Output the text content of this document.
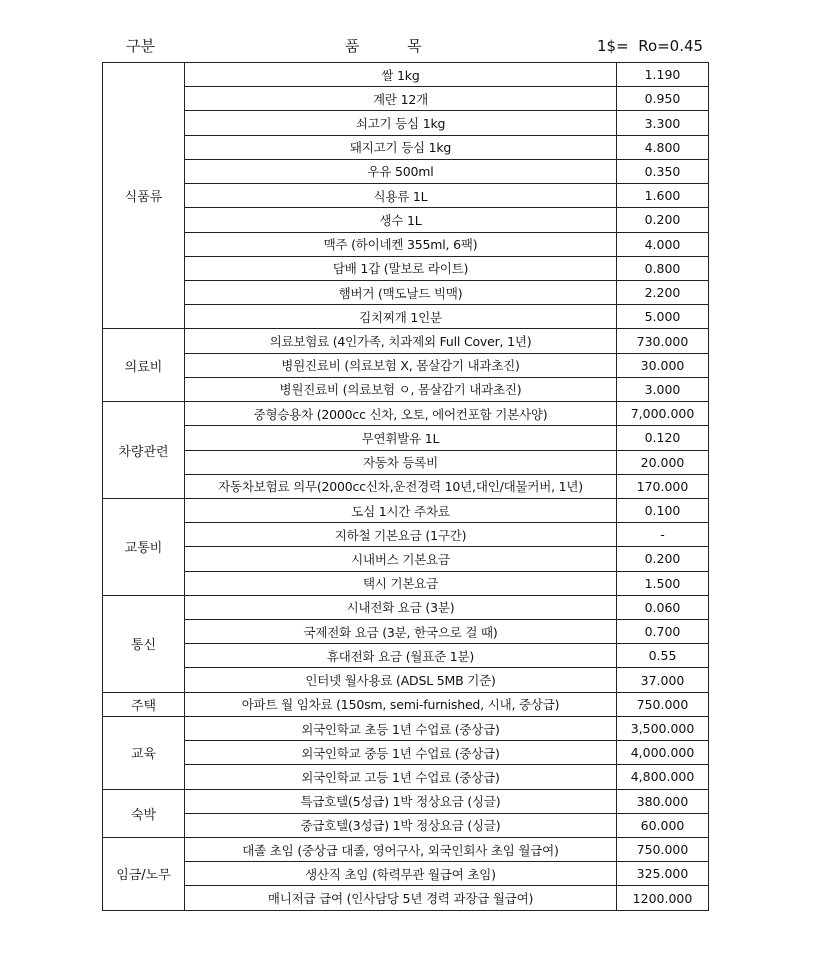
구분	품          목	1$=  Ro=0.45
식품류	쌀 1kg	1.190
	계란 12개	0.950
	쇠고기 등심 1kg	3.300
	돼지고기 등심 1kg	4.800
	우유 500ml	0.350
	식용류 1L	1.600
	생수 1L	0.200
	맥주 (하이네켄 355ml, 6팩)	4.000
	담배 1갑 (말보로 라이트)	0.800
	햄버거 (맥도날드 빅맥)	2.200
	김치찌개 1인분	5.000
의료비	의료보험료 (4인가족, 치과제외 Full Cover, 1년)	730.000
	병원진료비 (의료보험 X, 몸살감기 내과초진)	30.000
	병원진료비 (의료보험 ㅇ, 몸살감기 내과초진)	3.000
차량관련	중형승용차 (2000cc 신차, 오토, 에어컨포함 기본사양)	7,000.000
	무연휘발유 1L	0.120
	자동차 등록비	20.000
	자동차보험료 의무(2000cc신차,운전경력 10년,대인/대물커버, 1년)	170.000
교통비	도심 1시간 주차료	0.100
	지하철 기본요금 (1구간)	-
	시내버스 기본요금	0.200
	택시 기본요금	1.500
통신	시내전화 요금 (3분)	0.060
	국제전화 요금 (3분, 한국으로 걸 때)	0.700
	휴대전화 요금 (월표준 1분)	0.55
	인터넷 월사용료 (ADSL 5MB 기준)	37.000
주택	아파트 월 임차료 (150sm, semi-furnished, 시내, 중상급)	750.000
교육	외국인학교 초등 1년 수업료 (중상급)	3,500.000
	외국인학교 중등 1년 수업료 (중상급)	4,000.000
	외국인학교 고등 1년 수업료 (중상급)	4,800.000
숙박	특급호텔(5성급) 1박 정상요금 (싱글)	380.000
	중급호텔(3성급) 1박 정상요금 (싱글)	60.000
임금/노무	대졸 초임 (중상급 대졸, 영어구사, 외국인회사 초임 월급여)	750.000
	생산직 초임 (학력무관 월급여 초임)	325.000
	매니저급 급여 (인사담당 5년 경력 과장급 월급여)	1200.000
